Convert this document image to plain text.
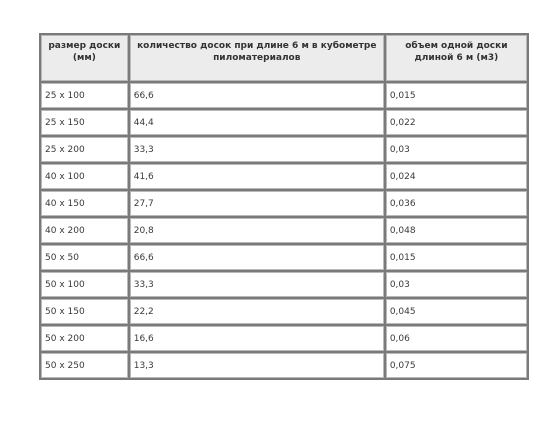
размер доски (мм)	количество досок при длине 6 м в кубометре пиломатериалов	объем одной доски длиной 6 м (м3)
25 х 100	66,6	0,015
25 х 150	44,4	0,022
25 х 200	33,3	0,03
40 х 100	41,6	0,024
40 х 150	27,7	0,036
40 х 200	20,8	0,048
50 х 50	66,6	0,015
50 х 100	33,3	0,03
50 х 150	22,2	0,045
50 х 200	16,6	0,06
50 х 250	13,3	0,075
